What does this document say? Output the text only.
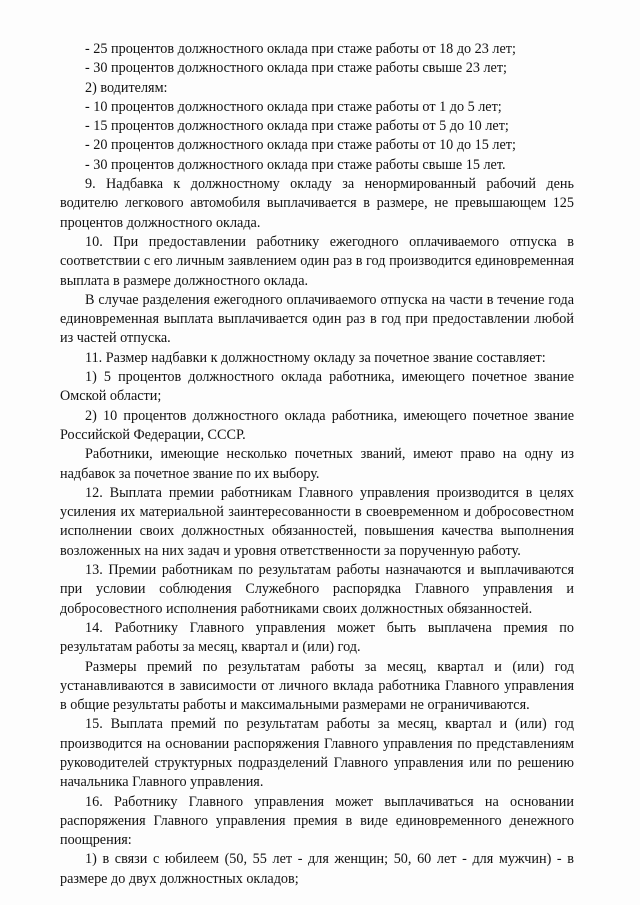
- 25 процентов должностного оклада при стаже работы от 18 до 23 лет;

- 30 процентов должностного оклада при стаже работы свыше 23 лет;

2) водителям:

- 10 процентов должностного оклада при стаже работы от 1 до 5 лет;

- 15 процентов должностного оклада при стаже работы от 5 до 10 лет;

- 20 процентов должностного оклада при стаже работы от 10 до 15 лет;

- 30 процентов должностного оклада при стаже работы свыше 15 лет.

9. Надбавка к должностному окладу за ненормированный рабочий день водителю легкового автомобиля выплачивается в размере, не превышающем 125 процентов должностного оклада.

10. При предоставлении работнику ежегодного оплачиваемого отпуска в соответствии с его личным заявлением один раз в год производится единовременная выплата в размере должностного оклада.

В случае разделения ежегодного оплачиваемого отпуска на части в течение года единовременная выплата выплачивается один раз в год при предоставлении любой из частей отпуска.

11. Размер надбавки к должностному окладу за почетное звание составляет:

1) 5 процентов должностного оклада работника, имеющего почетное звание Омской области;

2) 10 процентов должностного оклада работника, имеющего почетное звание Российской Федерации, СССР.

Работники, имеющие несколько почетных званий, имеют право на одну из надбавок за почетное звание по их выбору.

12. Выплата премии работникам Главного управления производится в целях усиления их материальной заинтересованности в своевременном и добросовестном исполнении своих должностных обязанностей, повышения качества выполнения возложенных на них задач и уровня ответственности за порученную работу.

13. Премии работникам по результатам работы назначаются и выплачиваются при условии соблюдения Служебного распорядка Главного управления и добросовестного исполнения работниками своих должностных обязанностей.

14. Работнику Главного управления может быть выплачена премия по результатам работы за месяц, квартал и (или) год.

Размеры премий по результатам работы за месяц, квартал и (или) год устанавливаются в зависимости от личного вклада работника Главного управления в общие результаты работы и максимальными размерами не ограничиваются.

15. Выплата премий по результатам работы за месяц, квартал и (или) год производится на основании распоряжения Главного управления по представлениям руководителей структурных подразделений Главного управления или по решению начальника Главного управления.

16. Работнику Главного управления может выплачиваться на основании распоряжения Главного управления премия в виде единовременного денежного поощрения:

1) в связи с юбилеем (50, 55 лет - для женщин; 50, 60 лет - для мужчин) - в размере до двух должностных окладов;
